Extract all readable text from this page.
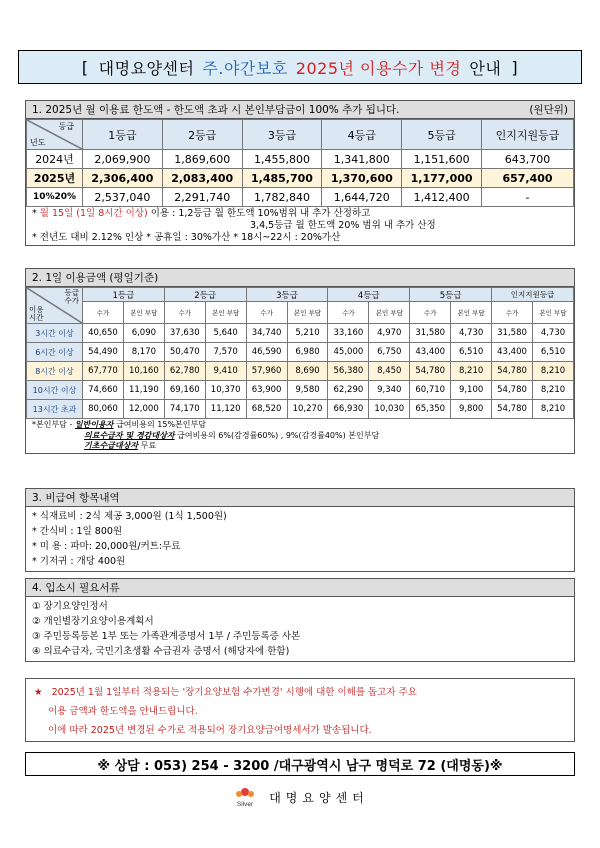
[ 대명요양센터 주.야간보호 2025년 이용수가 변경 안내 ]
1. 2025년 월 이용료 한도액 - 한도액 초과 시 본인부담금이 100% 추가 됩니다.	(원단위)
등급
년도	1등급	2등급	3등급	4등급	5등급	인지지원등급
2024년	2,069,900	1,869,600	1,455,800	1,341,800	1,151,600	643,700
2025년	2,306,400	2,083,400	1,485,700	1,370,600	1,177,000	657,400
10%20%	2,537,040	2,291,740	1,782,840	1,644,720	1,412,400	-
* 월 15일 (1일 8시간 이상) 이용 : 1,2등급 월 한도액 10%범위 내 추가 산정하고
3,4,5등급 월 한도액 20% 범위 내 추가 산정
* 전년도 대비 2.12% 인상 * 공휴일 : 30%가산 * 18시~22시 : 20%가산
2. 1일 이용금액 (평일기준)
등급
수가
이용
시간	1등급		2등급		3등급		4등급		5등급		인지지원등급	
	수가	본인 부담	수가	본인 부담	수가	본인 부담	수가	본인 부담	수가	본인 부담	수가	본인 부담
3시간 이상	40,650	6,090	37,630	5,640	34,740	5,210	33,160	4,970	31,580	4,730	31,580	4,730
6시간 이상	54,490	8,170	50,470	7,570	46,590	6,980	45,000	6,750	43,400	6,510	43,400	6,510
8시간 이상	67,770	10,160	62,780	9,410	57,960	8,690	56,380	8,450	54,780	8,210	54,780	8,210
10시간 이상	74,660	11,190	69,160	10,370	63,900	9,580	62,290	9,340	60,710	9,100	54,780	8,210
13시간 초과	80,060	12,000	74,170	11,120	68,520	10,270	66,930	10,030	65,350	9,800	54,780	8,210
*본인부담 - 일반이용자 급여비용의 15%본인부담
의료수급자 및 경감대상자 급여비용의 6%(감경률60%) , 9%(감경률40%) 본인부담
기초수급대상자 무료
3. 비급여 항목내역
* 식재료비 : 2식 제공 3,000원 (1식 1,500원)
* 간식비 : 1일 800원
* 미 용 : 파마: 20,000원/커트:무료
* 기저귀 : 개당 400원
4. 입소시 필요서류
① 장기요양인정서
② 개인별장기요양이용계획서
③ 주민등록등본 1부 또는 가족관계증명서 1부 / 주민등록증 사본
④ 의료수급자, 국민기초생활 수급권자 증명서 (해당자에 한함)
★ 2025년 1월 1일부터 적용되는 '장기요양보험 수가변경' 시행에 대한 이해를 돕고자 주요
이용 금액과 한도액을 안내드립니다.
이에 따라 2025년 변경된 수가로 적용되어 장기요양급여명세서가 발송됩니다.
※ 상담 : 053) 254 - 3200 /대구광역시 남구 명덕로 72 (대명동)※
Silver 대명요양센터
